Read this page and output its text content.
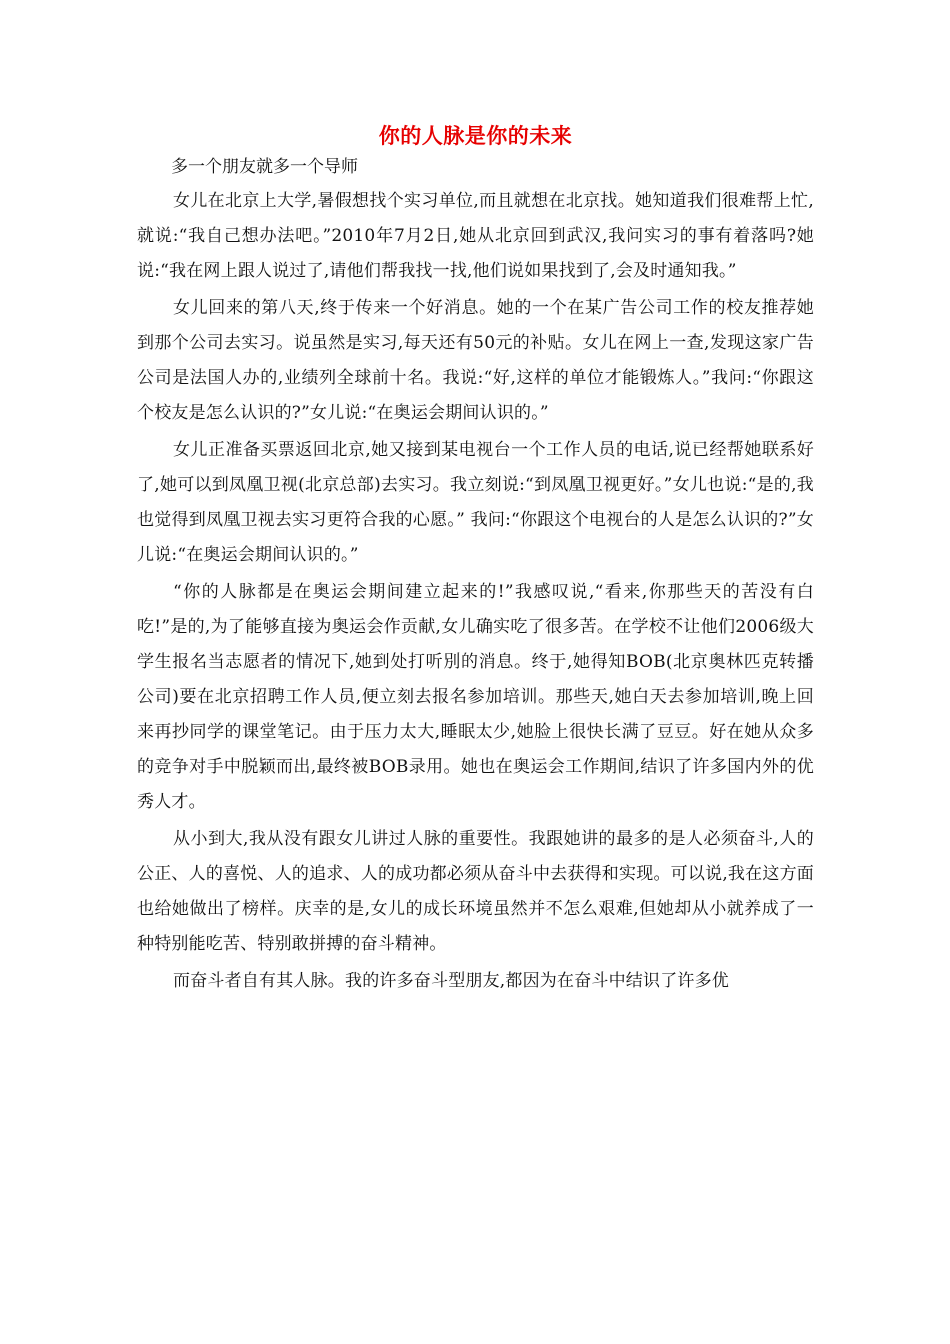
你的人脉是你的未来
多一个朋友就多一个导师

女儿在北京上大学,暑假想找个实习单位,而且就想在北京找。她知道我们很难帮上忙,就说:“我自己想办法吧。”2010年7月2日,她从北京回到武汉,我问实习的事有着落吗?她说:“我在网上跟人说过了,请他们帮我找一找,他们说如果找到了,会及时通知我。”

女儿回来的第八天,终于传来一个好消息。她的一个在某广告公司工作的校友推荐她到那个公司去实习。说虽然是实习,每天还有50元的补贴。女儿在网上一查,发现这家广告公司是法国人办的,业绩列全球前十名。我说:“好,这样的单位才能锻炼人。”我问:“你跟这个校友是怎么认识的?”女儿说:“在奥运会期间认识的。”

女儿正准备买票返回北京,她又接到某电视台一个工作人员的电话,说已经帮她联系好了,她可以到凤凰卫视(北京总部)去实习。我立刻说:“到凤凰卫视更好。”女儿也说:“是的,我也觉得到凤凰卫视去实习更符合我的心愿。” 我问:“你跟这个电视台的人是怎么认识的?”女儿说:“在奥运会期间认识的。”

“你的人脉都是在奥运会期间建立起来的!”我感叹说,“看来,你那些天的苦没有白吃!”是的,为了能够直接为奥运会作贡献,女儿确实吃了很多苦。在学校不让他们2006级大学生报名当志愿者的情况下,她到处打听別的消息。终于,她得知BOB(北京奥林匹克转播公司)要在北京招聘工作人员,便立刻去报名参加培训。那些天,她白天去参加培训,晚上回来再抄同学的课堂笔记。由于压力太大,睡眠太少,她脸上很快长满了豆豆。好在她从众多的竞争对手中脱颖而出,最终被BOB录用。她也在奥运会工作期间,结识了许多国内外的优秀人才。

从小到大,我从没有跟女儿讲过人脉的重要性。我跟她讲的最多的是人必须奋斗,人的公正、人的喜悦、人的追求、人的成功都必须从奋斗中去获得和实现。可以说,我在这方面也给她做出了榜样。庆幸的是,女儿的成长环境虽然并不怎么艰难,但她却从小就养成了一种特别能吃苦、特别敢拼搏的奋斗精神。

而奋斗者自有其人脉。我的许多奋斗型朋友,都因为在奋斗中结识了许多优
